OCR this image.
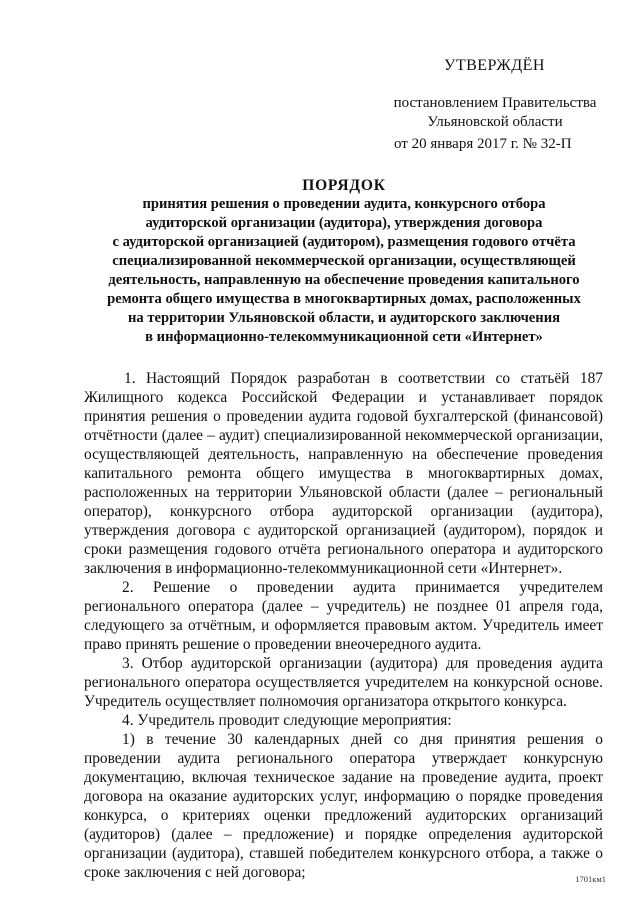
УТВЕРЖДЁН
постановлением Правительства
Ульяновской области
от 20 января 2017 г. № 32-П
ПОРЯДОК
принятия решения о проведении аудита, конкурсного отбора
аудиторской организации (аудитора), утверждения договора
с аудиторской организацией (аудитором), размещения годового отчёта
специализированной некоммерческой организации, осуществляющей
деятельность, направленную на обеспечение проведения капитального
ремонта общего имущества в многоквартирных домах, расположенных
на территории Ульяновской области, и аудиторского заключения
в информационно-телекоммуникационной сети «Интернет»

1. Настоящий Порядок разработан в соответствии со статьёй 187 Жилищного кодекса Российской Федерации и устанавливает порядок принятия решения о проведении аудита годовой бухгалтерской (финансовой) отчётности (далее – аудит) специализированной некоммерческой организации, осуществляющей деятельность, направленную на обеспечение проведения капитального ремонта общего имущества в многоквартирных домах, расположенных на территории Ульяновской области (далее – региональный оператор), конкурсного отбора аудиторской организации (аудитора), утверждения договора с аудиторской организацией (аудитором), порядок и сроки размещения годового отчёта регионального оператора и аудиторского заключения в информационно-телекоммуникационной сети «Интернет».

2. Решение о проведении аудита принимается учредителем регионального оператора (далее – учредитель) не позднее 01 апреля года, следующего за отчётным, и оформляется правовым актом. Учредитель имеет право принять решение о проведении внеочередного аудита.

3. Отбор аудиторской организации (аудитора) для проведения аудита регионального оператора осуществляется учредителем на конкурсной основе. Учредитель осуществляет полномочия организатора открытого конкурса.

4. Учредитель проводит следующие мероприятия:

1) в течение 30 календарных дней со дня принятия решения о проведении аудита регионального оператора утверждает конкурсную документацию, включая техническое задание на проведение аудита, проект договора на оказание аудиторских услуг, информацию о порядке проведения конкурса, о критериях оценки предложений аудиторских организаций (аудиторов) (далее – предложение) и порядке определения аудиторской организации (аудитора), ставшей победителем конкурсного отбора, а также о сроке заключения с ней договора;	1701км1
